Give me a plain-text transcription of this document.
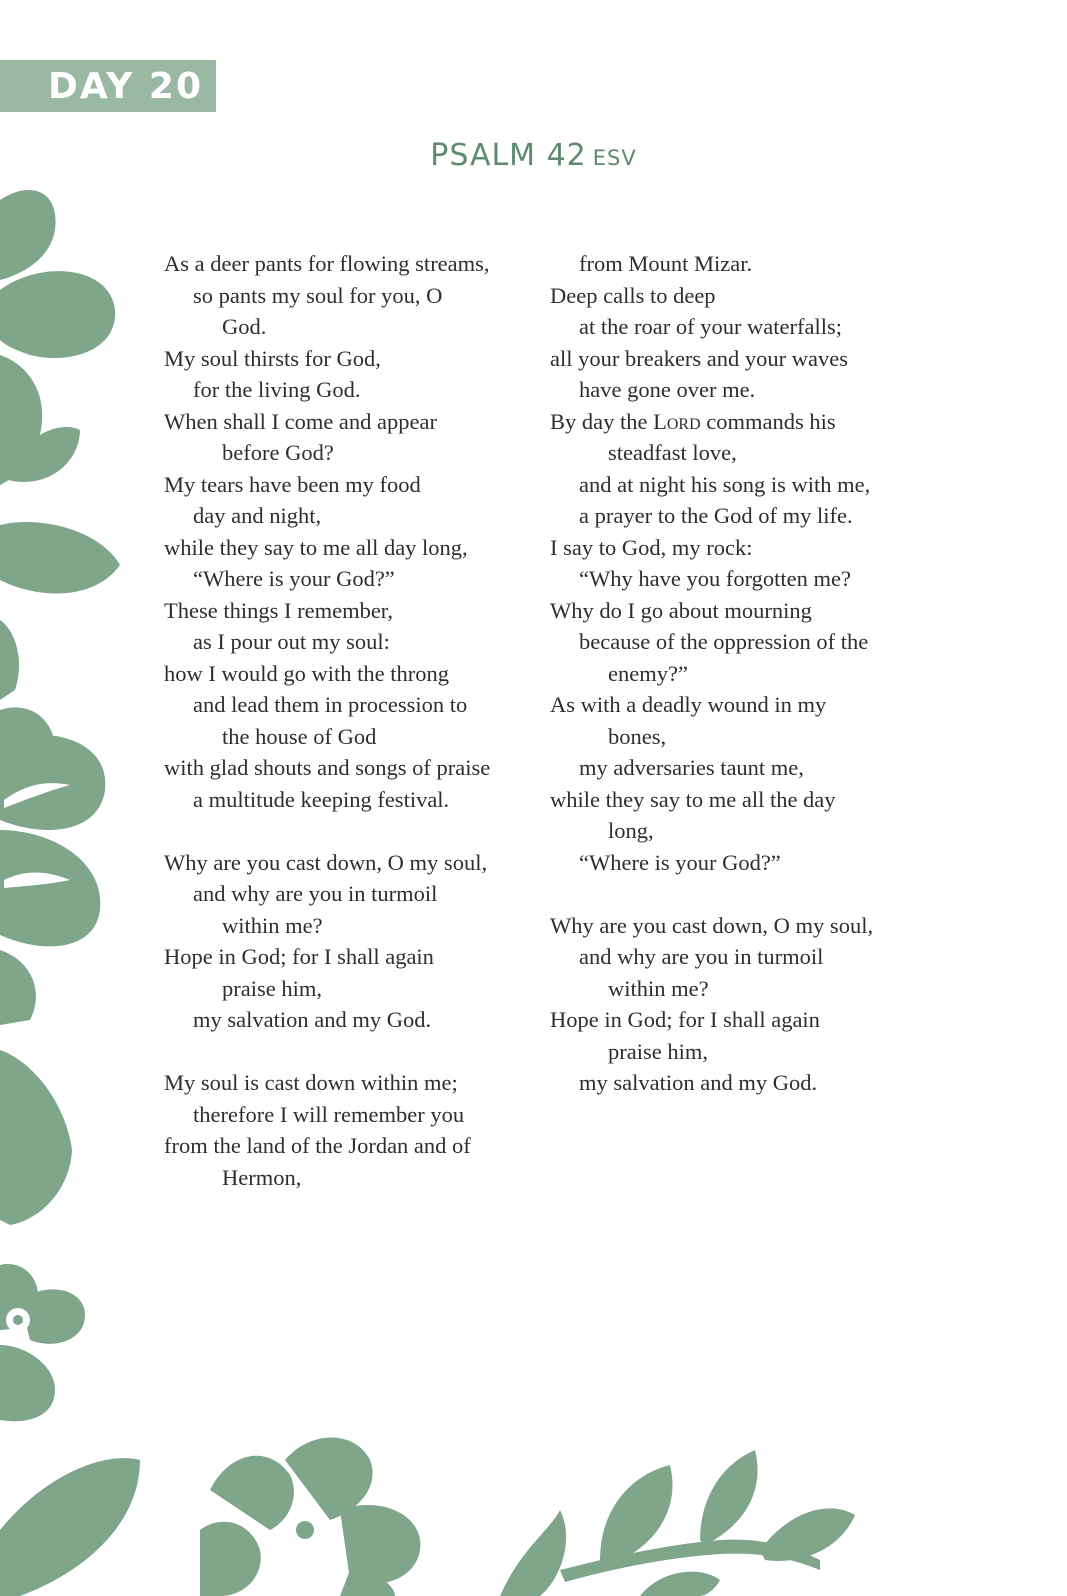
DAY 20
PSALM 42 ESV
As a deer pants for flowing streams,
so pants my soul for you, O
God.
My soul thirsts for God,
for the living God.
When shall I come and appear
before God?
My tears have been my food
day and night,
while they say to me all day long,
“Where is your God?”
These things I remember,
as I pour out my soul:
how I would go with the throng
and lead them in procession to
the house of God
with glad shouts and songs of praise
a multitude keeping festival.
Why are you cast down, O my soul,
and why are you in turmoil
within me?
Hope in God; for I shall again
praise him,
my salvation and my God.
My soul is cast down within me;
therefore I will remember you
from the land of the Jordan and of
Hermon,
from Mount Mizar.
Deep calls to deep
at the roar of your waterfalls;
all your breakers and your waves
have gone over me.
By day the Lord commands his
steadfast love,
and at night his song is with me,
a prayer to the God of my life.
I say to God, my rock:
“Why have you forgotten me?
Why do I go about mourning
because of the oppression of the
enemy?”
As with a deadly wound in my
bones,
my adversaries taunt me,
while they say to me all the day
long,
“Where is your God?”
Why are you cast down, O my soul,
and why are you in turmoil
within me?
Hope in God; for I shall again
praise him,
my salvation and my God.
